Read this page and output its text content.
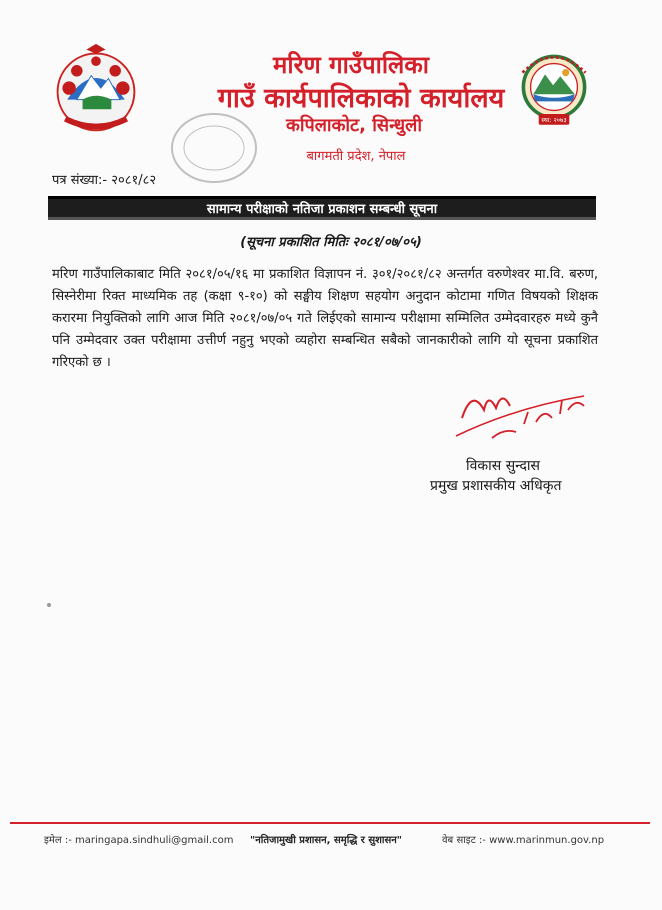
मरिण गाउँपालिका
गाउँ कार्यपालिकाको कार्यालय
कपिलाकोट, सिन्धुली
बागमती प्रदेश, नेपाल
स्था: २०७३
पत्र संख्या:- २०८१/८२
सामान्य परीक्षाको नतिजा प्रकाशन सम्बन्धी सूचना
(सूचना प्रकाशित मितिः २०८१/०७/०५)
मरिण गाउँपालिकाबाट मिति २०८१/०५/१६ मा प्रकाशित विज्ञापन नं. ३०१/२०८१/८२ अन्तर्गत वरुणेश्वर मा.वि. बरुण, सिस्नेरीमा रिक्त माध्यमिक तह (कक्षा ९-१०) को सङ्घीय शिक्षण सहयोग अनुदान कोटामा गणित विषयको शिक्षक करारमा नियुक्तिको लागि आज मिति २०८१/०७/०५ गते लिईएको सामान्य परीक्षामा सम्मिलित उम्मेदवारहरु मध्ये कुनै पनि उम्मेदवार उक्त परीक्षामा उत्तीर्ण नहुनु भएको व्यहोरा सम्बन्धित सबैको जानकारीको लागि यो सूचना प्रकाशित गरिएको छ ।
विकास सुन्दास
प्रमुख प्रशासकीय अधिकृत
इमेल :- maringapa.sindhuli@gmail.com "नतिजामुखी प्रशासन, समृद्धि र सुशासन"	वेब साइट :- www.marinmun.gov.np
